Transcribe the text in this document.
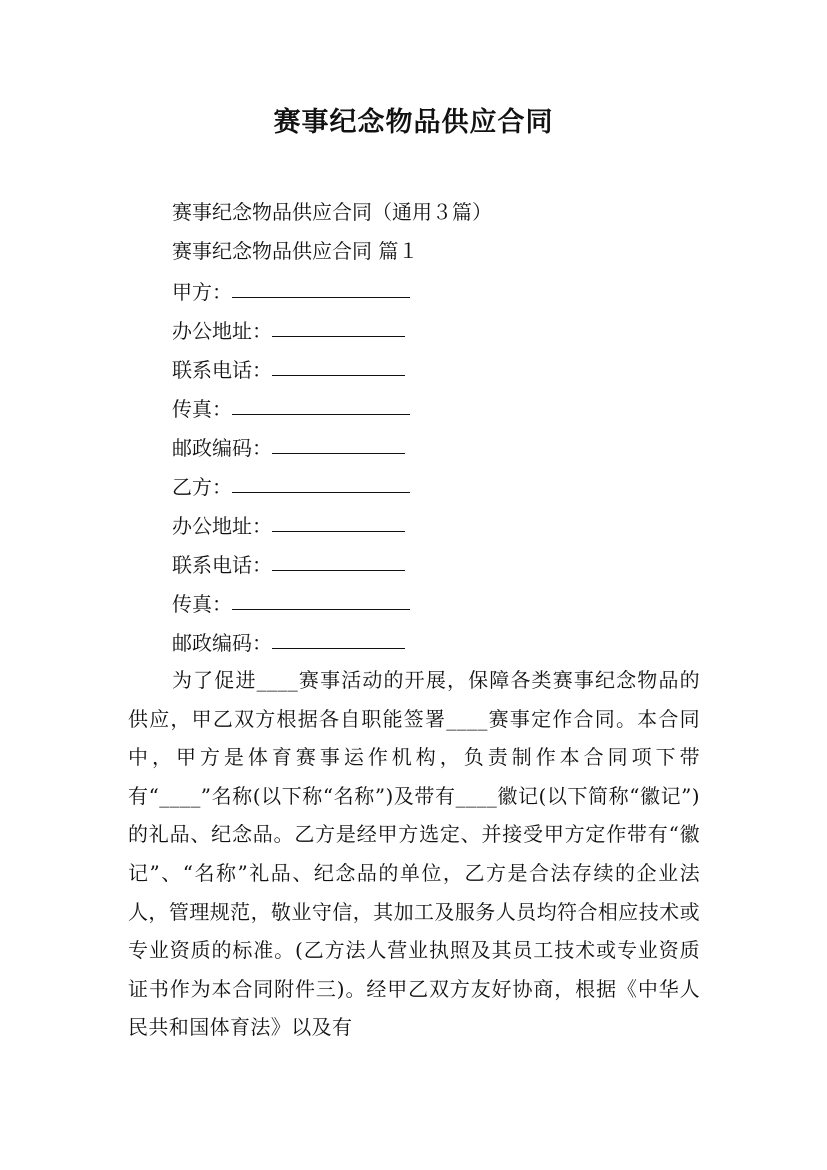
赛事纪念物品供应合同
赛事纪念物品供应合同（通用３篇）
赛事纪念物品供应合同 篇１
甲方：
办公地址：
联系电话：
传真：
邮政编码：
乙方：
办公地址：
联系电话：
传真：
邮政编码：

为了促进____赛事活动的开展，保障各类赛事纪念物品的供应，甲乙双方根据各自职能签署____赛事定作合同。本合同中，甲方是体育赛事运作机构，负责制作本合同项下带有“____”名称(以下称“名称”)及带有____徽记(以下简称“徽记”)的礼品、纪念品。乙方是经甲方选定、并接受甲方定作带有“徽记”、“名称”礼品、纪念品的单位，乙方是合法存续的企业法人，管理规范，敬业守信，其加工及服务人员均符合相应技术或专业资质的标准。(乙方法人营业执照及其员工技术或专业资质证书作为本合同附件三)。经甲乙双方友好协商，根据《中华人民共和国体育法》以及有
